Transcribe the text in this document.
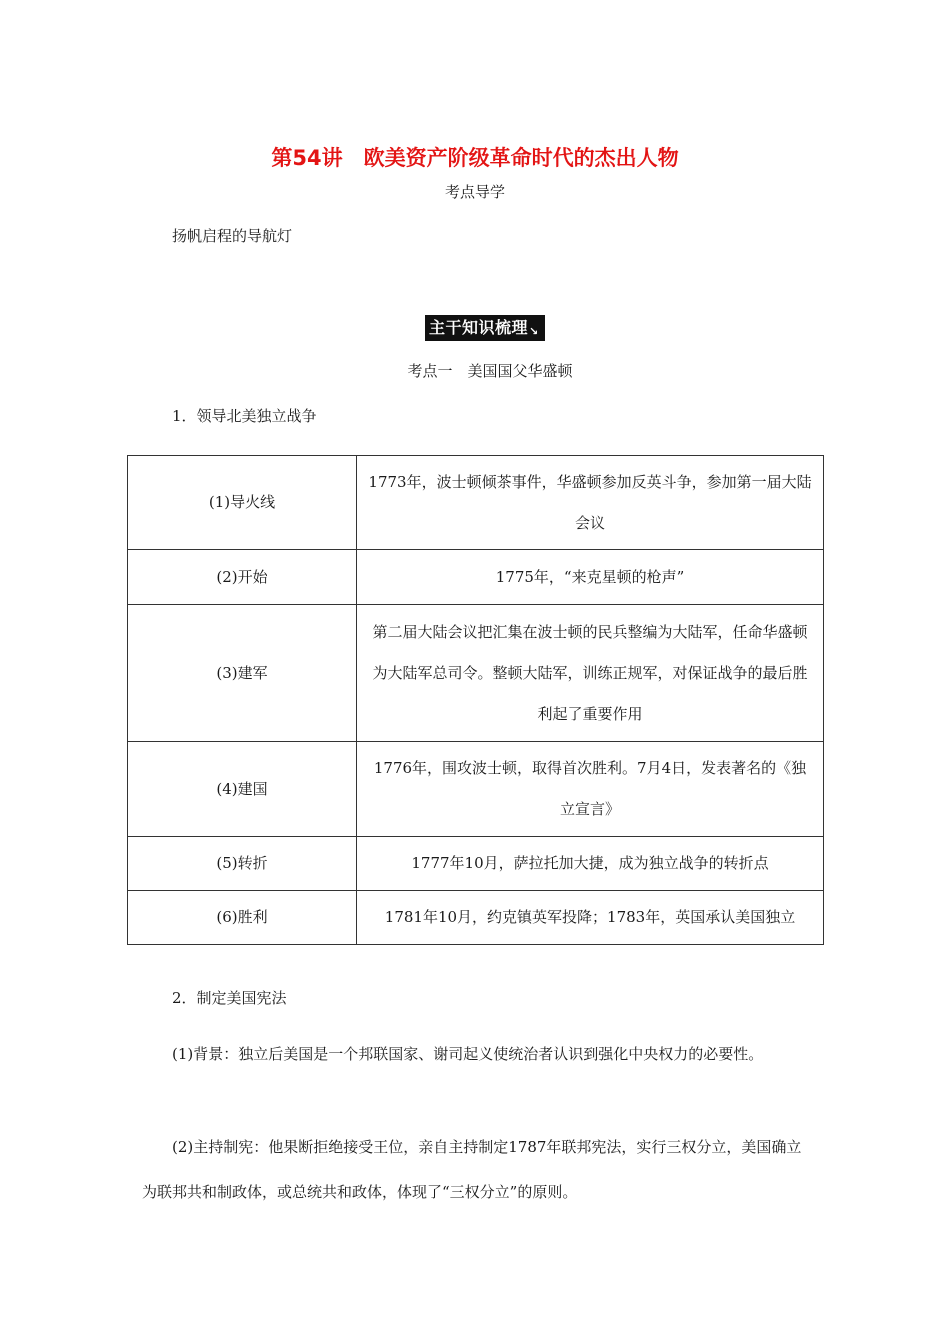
第54讲　欧美资产阶级革命时代的杰出人物
考点导学
扬帆启程的导航灯
主干知识梳理↘
考点一　美国国父华盛顿
1．领导北美独立战争
(1)导火线	1773年，波士顿倾茶事件，华盛顿参加反英斗争，参加第一届大陆会议
(2)开始	1775年，“来克星顿的枪声”
(3)建军	第二届大陆会议把汇集在波士顿的民兵整编为大陆军，任命华盛顿为大陆军总司令。整顿大陆军，训练正规军，对保证战争的最后胜利起了重要作用
(4)建国	1776年，围攻波士顿，取得首次胜利。7月4日，发表著名的《独立宣言》
(5)转折	1777年10月，萨拉托加大捷，成为独立战争的转折点
(6)胜利	1781年10月，约克镇英军投降；1783年，英国承认美国独立
2．制定美国宪法
(1)背景：独立后美国是一个邦联国家、谢司起义使统治者认识到强化中央权力的必要性。
(2)主持制宪：他果断拒绝接受王位，亲自主持制定1787年联邦宪法，实行三权分立，美国确立为联邦共和制政体，或总统共和政体，体现了“三权分立”的原则。
